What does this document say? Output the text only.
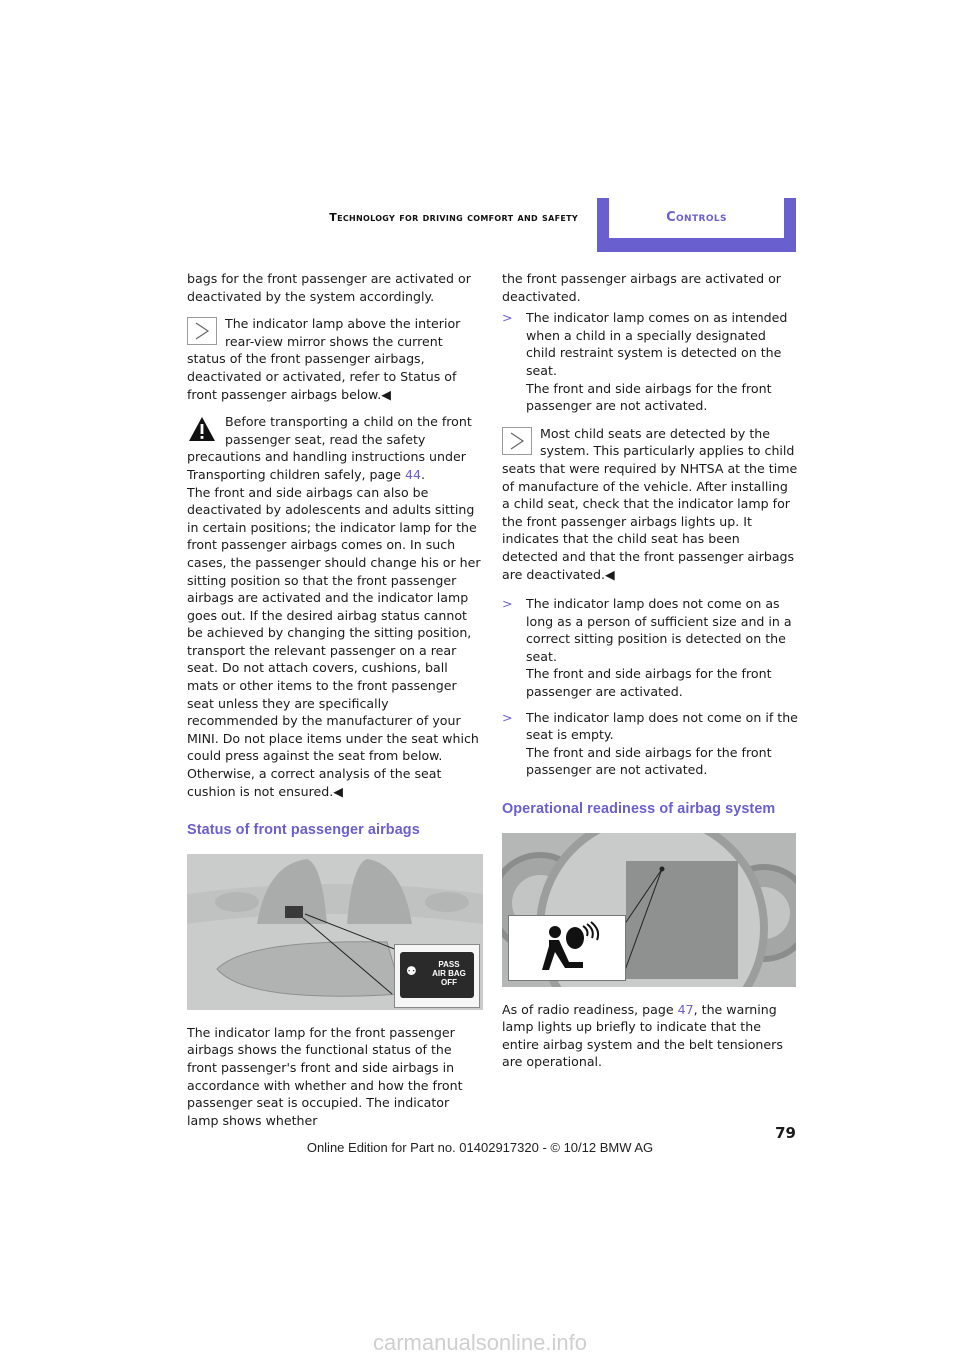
Technology for driving comfort and safety	Controls

bags for the front passenger are activated or deactivated by the system accordingly.

The indicator lamp above the interior rear-view mirror shows the current status of the front passenger airbags, deactivated or activated, refer to Status of front passenger airbags below.◀
Before transporting a child on the front passenger seat, read the safety precautions and handling instructions under Transporting children safely, page 44.
The front and side airbags can also be deactivated by adolescents and adults sitting in certain positions; the indicator lamp for the front passenger airbags comes on. In such cases, the passenger should change his or her sitting position so that the front passenger airbags are activated and the indicator lamp goes out. If the desired airbag status cannot be achieved by changing the sitting position, transport the relevant passenger on a rear seat. Do not attach covers, cushions, ball mats or other items to the front passenger seat unless they are specifically recommended by the manufacturer of your MINI. Do not place items under the seat which could press against the seat from below. Otherwise, a correct analysis of the seat cushion is not ensured.◀
Status of front passenger airbags
⚉	PASS
AIR BAG
OFF

The indicator lamp for the front passenger airbags shows the functional status of the front passenger's front and side airbags in accordance with whether and how the front passenger seat is occupied. The indicator lamp shows whether

the front passenger airbags are activated or deactivated.

> The indicator lamp comes on as intended when a child in a specially designated child restraint system is detected on the seat.
The front and side airbags for the front passenger are not activated.
Most child seats are detected by the system. This particularly applies to child seats that were required by NHTSA at the time of manufacture of the vehicle. After installing a child seat, check that the indicator lamp for the front passenger airbags lights up. It indicates that the child seat has been detected and that the front passenger airbags are deactivated.◀
> The indicator lamp does not come on as long as a person of sufficient size and in a correct sitting position is detected on the seat.
The front and side airbags for the front passenger are activated.
> The indicator lamp does not come on if the seat is empty.
The front and side airbags for the front passenger are not activated.
Operational readiness of airbag system

As of radio readiness, page 47, the warning lamp lights up briefly to indicate that the entire airbag system and the belt tensioners are operational.

79
Online Edition for Part no. 01402917320 - © 10/12 BMW AG
carmanualsonline.info
